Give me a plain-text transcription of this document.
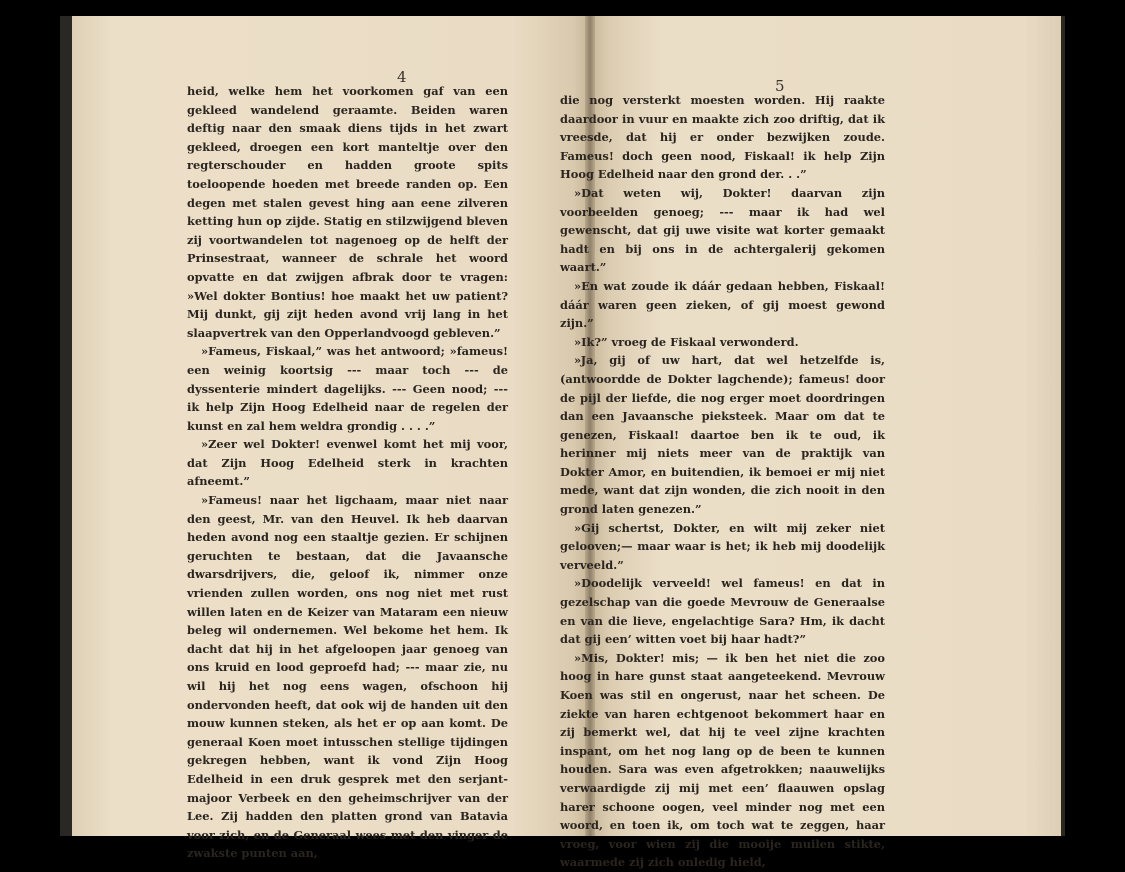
4	5

heid, welke hem het voorkomen gaf van een gekleed wandelend geraamte. Beiden waren deftig naar den smaak diens tijds in het zwart gekleed, droegen een kort manteltje over den regterschouder en hadden groote spits toeloopende hoeden met breede randen op. Een degen met stalen gevest hing aan eene zilveren ketting hun op zijde. Statig en stilzwijgend bleven zij voortwandelen tot nagenoeg op de helft der Prinsestraat, wanneer de schrale het woord opvatte en dat zwijgen afbrak door te vragen: »Wel dokter Bontius! hoe maakt het uw patient? Mij dunkt, gij zijt heden avond vrij lang in het slaapvertrek van den Opperlandvoogd gebleven.”

»Fameus, Fiskaal,” was het antwoord; »fameus! een weinig koortsig --- maar toch --- de dyssenterie mindert dagelijks. --- Geen nood; --- ik help Zijn Hoog Edelheid naar de regelen der kunst en zal hem weldra grondig . . . .”

»Zeer wel Dokter! evenwel komt het mij voor, dat Zijn Hoog Edelheid sterk in krachten afneemt.”

»Fameus! naar het ligchaam, maar niet naar den geest, Mr. van den Heuvel. Ik heb daarvan heden avond nog een staaltje gezien. Er schijnen geruchten te bestaan, dat die Javaansche dwarsdrijvers, die, geloof ik, nimmer onze vrienden zullen worden, ons nog niet met rust willen laten en de Keizer van Mataram een nieuw beleg wil ondernemen. Wel bekome het hem. Ik dacht dat hij in het afgeloopen jaar genoeg van ons kruid en lood geproefd had; --- maar zie, nu wil hij het nog eens wagen, ofschoon hij ondervonden heeft, dat ook wij de handen uit den mouw kunnen steken, als het er op aan komt. De generaal Koen moet intusschen stellige tijdingen gekregen hebben, want ik vond Zijn Hoog Edelheid in een druk gesprek met den serjant-majoor Verbeek en den geheimschrijver van der Lee. Zij hadden den platten grond van Batavia voor zich, en de Generaal wees met den vinger de zwakste punten aan,

die nog versterkt moesten worden. Hij raakte daardoor in vuur en maakte zich zoo driftig, dat ik vreesde, dat hij er onder bezwijken zoude. Fameus! doch geen nood, Fiskaal! ik help Zijn Hoog Edelheid naar den grond der. . .”

»Dat weten wij, Dokter! daarvan zijn voorbeelden genoeg; --- maar ik had wel gewenscht, dat gij uwe visite wat korter gemaakt hadt en bij ons in de achtergalerij gekomen waart.”

»En wat zoude ik dáár gedaan hebben, Fiskaal! dáár waren geen zieken, of gij moest gewond zijn.”

»Ik?” vroeg de Fiskaal verwonderd.

»Ja, gij of uw hart, dat wel hetzelfde is, (antwoordde de Dokter lagchende); fameus! door de pijl der liefde, die nog erger moet doordringen dan een Javaansche pieksteek. Maar om dat te genezen, Fiskaal! daartoe ben ik te oud, ik herinner mij niets meer van de praktijk van Dokter Amor, en buitendien, ik bemoei er mij niet mede, want dat zijn wonden, die zich nooit in den grond laten genezen.”

»Gij schertst, Dokter, en wilt mij zeker niet gelooven;— maar waar is het; ik heb mij doodelijk verveeld.”

»Doodelijk verveeld! wel fameus! en dat in gezelschap van die goede Mevrouw de Generaalse en van die lieve, engelachtige Sara? Hm, ik dacht dat gij een’ witten voet bij haar hadt?”

»Mis, Dokter! mis; — ik ben het niet die zoo hoog in hare gunst staat aangeteekend. Mevrouw Koen was stil en ongerust, naar het scheen. De ziekte van haren echtgenoot bekommert haar en zij bemerkt wel, dat hij te veel zijne krachten inspant, om het nog lang op de been te kunnen houden. Sara was even afgetrokken; naauwelijks verwaardigde zij mij met een’ flaauwen opslag harer schoone oogen, veel minder nog met een woord, en toen ik, om toch wat te zeggen, haar vroeg, voor wien zij die mooije muilen stikte, waarmede zij zich onledig hield,
